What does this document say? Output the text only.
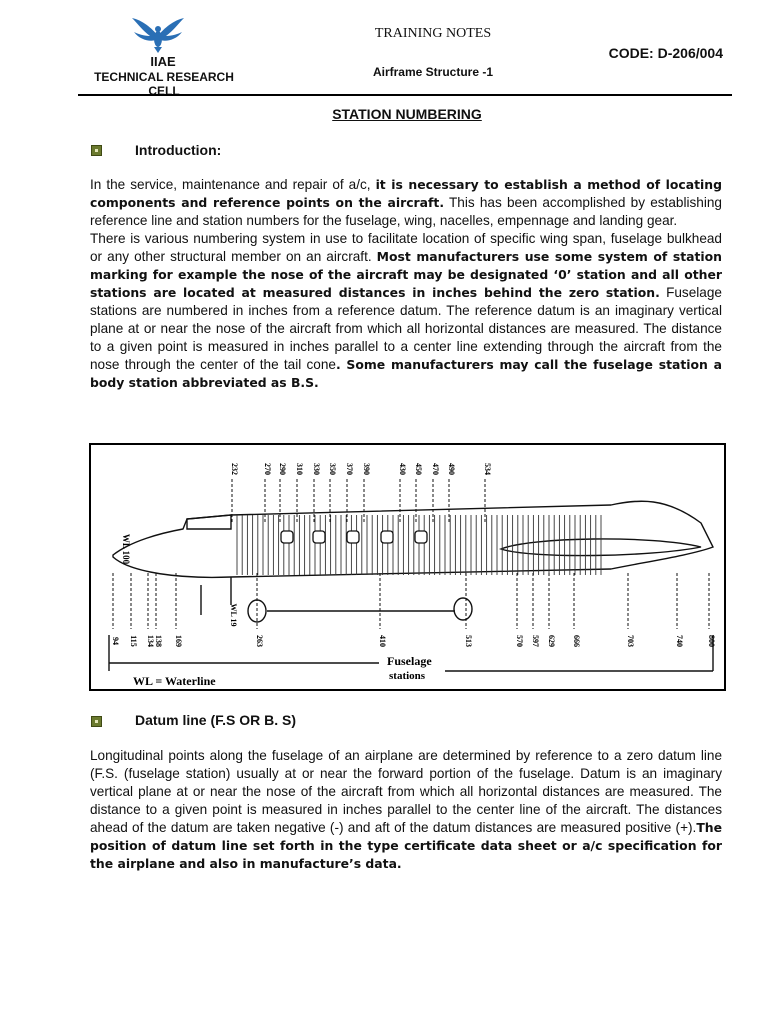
IIAE
TECHNICAL RESEARCH CELL
TRAINING NOTES
Airframe Structure -1
CODE: D-206/004
STATION NUMBERING
Introduction:

In the service, maintenance and repair of a/c, it is necessary to establish a method of locating components and reference points on the aircraft. This has been accomplished by establishing reference line and station numbers for the fuselage, wing, nacelles, empennage and landing gear.

There is various numbering system in use to facilitate location of specific wing span, fuselage bulkhead or any other structural member on an aircraft. Most manufacturers use some system of station marking for example the nose of the aircraft may be designated ‘0’ station and all other stations are located at measured distances in inches behind the zero station. Fuselage stations are numbered in inches from a reference datum. The reference datum is an imaginary vertical plane at or near the nose of the aircraft from which all horizontal distances are measured. The distance to a given point is measured in inches parallel to a center line extending through the aircraft from the nose through the center of the tail cone. Some manufacturers may call the fuselage station a body station abbreviated as B.S.

232	270 290 310 330 350 370 390	430 450 470 490	534
94 115 134 138 169	263	410	513	570 597 629 666	703	740	800
WL 100
WL 19
Fuselage
stations
WL = Waterline
Datum line (F.S OR B. S)

Longitudinal points along the fuselage of an airplane are determined by reference to a zero datum line (F.S. (fuselage station) usually at or near the forward portion of the fuselage. Datum is an imaginary vertical plane at or near the nose of the aircraft from which all horizontal distances are measured. The distance to a given point is measured in inches parallel to the center line of the aircraft. The distances ahead of the datum are taken negative (-) and aft of the datum distances are measured positive (+).The position of datum line set forth in the type certificate data sheet or a/c specification for the airplane and also in manufacture’s data.
